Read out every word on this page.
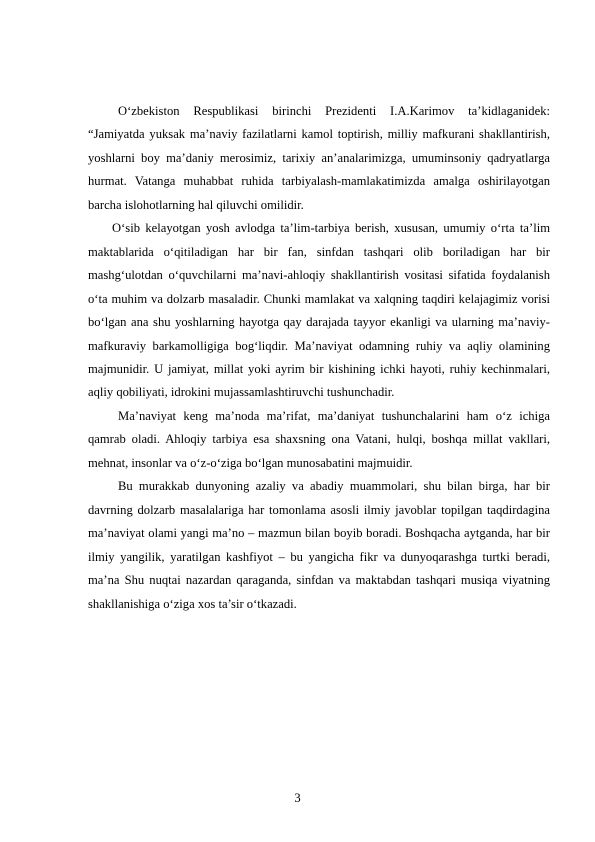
O‘zbekiston Respublikasi birinchi Prezidenti I.A.Karimov ta’kidlaganidek: “Jamiyatda yuksak ma’naviy fazilatlarni kamol toptirish, milliy mafkurani shakllantirish, yoshlarni boy ma’daniy merosimiz, tarixiy an’analarimizga, umuminsoniy qadryatlarga hurmat. Vatanga muhabbat ruhida tarbiyalash-mamlakatimizda amalga oshirilayotgan barcha islohotlarning hal qiluvchi omilidir.

O‘sib kelayotgan yosh avlodga ta’lim-tarbiya berish, xususan, umumiy o‘rta ta’lim maktablarida o‘qitiladigan har bir fan, sinfdan tashqari olib boriladigan har bir mashg‘ulotdan o‘quvchilarni ma’navi-ahloqiy shakllantirish vositasi sifatida foydalanish o‘ta muhim va dolzarb masaladir. Chunki mamlakat va xalqning taqdiri kelajagimiz vorisi bo‘lgan ana shu yoshlarning hayotga qay darajada tayyor ekanligi va ularning ma’naviy-mafkuraviy barkamolligiga bog‘liqdir. Ma’naviyat odamning ruhiy va aqliy olamining majmunidir. U jamiyat, millat yoki ayrim bir kishining ichki hayoti, ruhiy kechinmalari, aqliy qobiliyati, idrokini mujassamlashtiruvchi tushunchadir.

Ma’naviyat keng ma’noda ma’rifat, ma’daniyat tushunchalarini ham o‘z ichiga qamrab oladi. Ahloqiy tarbiya esa shaxsning ona Vatani, hulqi, boshqa millat vakllari, mehnat, insonlar va o‘z-o‘ziga bo‘lgan munosabatini majmuidir.

Bu murakkab dunyoning azaliy va abadiy muammolari, shu bilan birga, har bir davrning dolzarb masalalariga har tomonlama asosli ilmiy javoblar topilgan taqdirdagina ma’naviyat olami yangi ma’no – mazmun bilan boyib boradi. Boshqacha aytganda, har bir ilmiy yangilik, yaratilgan kashfiyot – bu yangicha fikr va dunyoqarashga turtki beradi, ma’na Shu nuqtai nazardan qaraganda, sinfdan va maktabdan tashqari musiqa viyatning shakllanishiga o‘ziga xos ta’sir o‘tkazadi.

3
